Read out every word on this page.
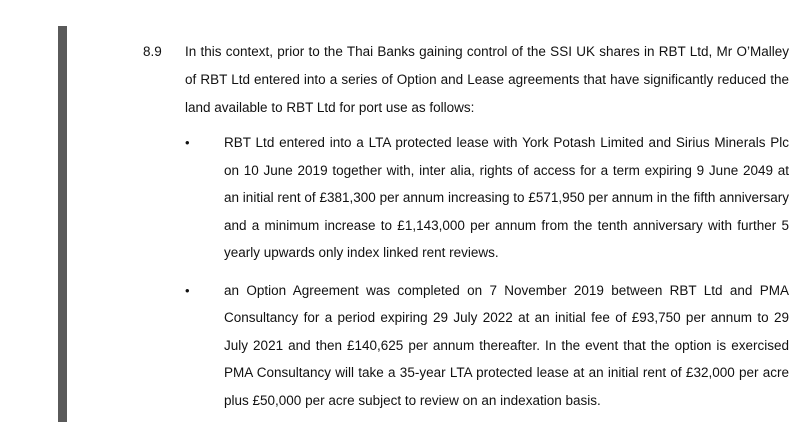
8.9 In this context, prior to the Thai Banks gaining control of the SSI UK shares in RBT Ltd, Mr O’Malley of RBT Ltd entered into a series of Option and Lease agreements that have significantly reduced the land available to RBT Ltd for port use as follows:
•	RBT Ltd entered into a LTA protected lease with York Potash Limited and Sirius Minerals Plc on 10 June 2019 together with, inter alia, rights of access for a term expiring 9 June 2049 at an initial rent of £381,300 per annum increasing to £571,950 per annum in the fifth anniversary and a minimum increase to £1,143,000 per annum from the tenth anniversary with further 5 yearly upwards only index linked rent reviews.
•	an Option Agreement was completed on 7 November 2019 between RBT Ltd and PMA Consultancy for a period expiring 29 July 2022 at an initial fee of £93,750 per annum to 29 July 2021 and then £140,625 per annum thereafter. In the event that the option is exercised PMA Consultancy will take a 35-year LTA protected lease at an initial rent of £32,000 per acre plus £50,000 per acre subject to review on an indexation basis.
